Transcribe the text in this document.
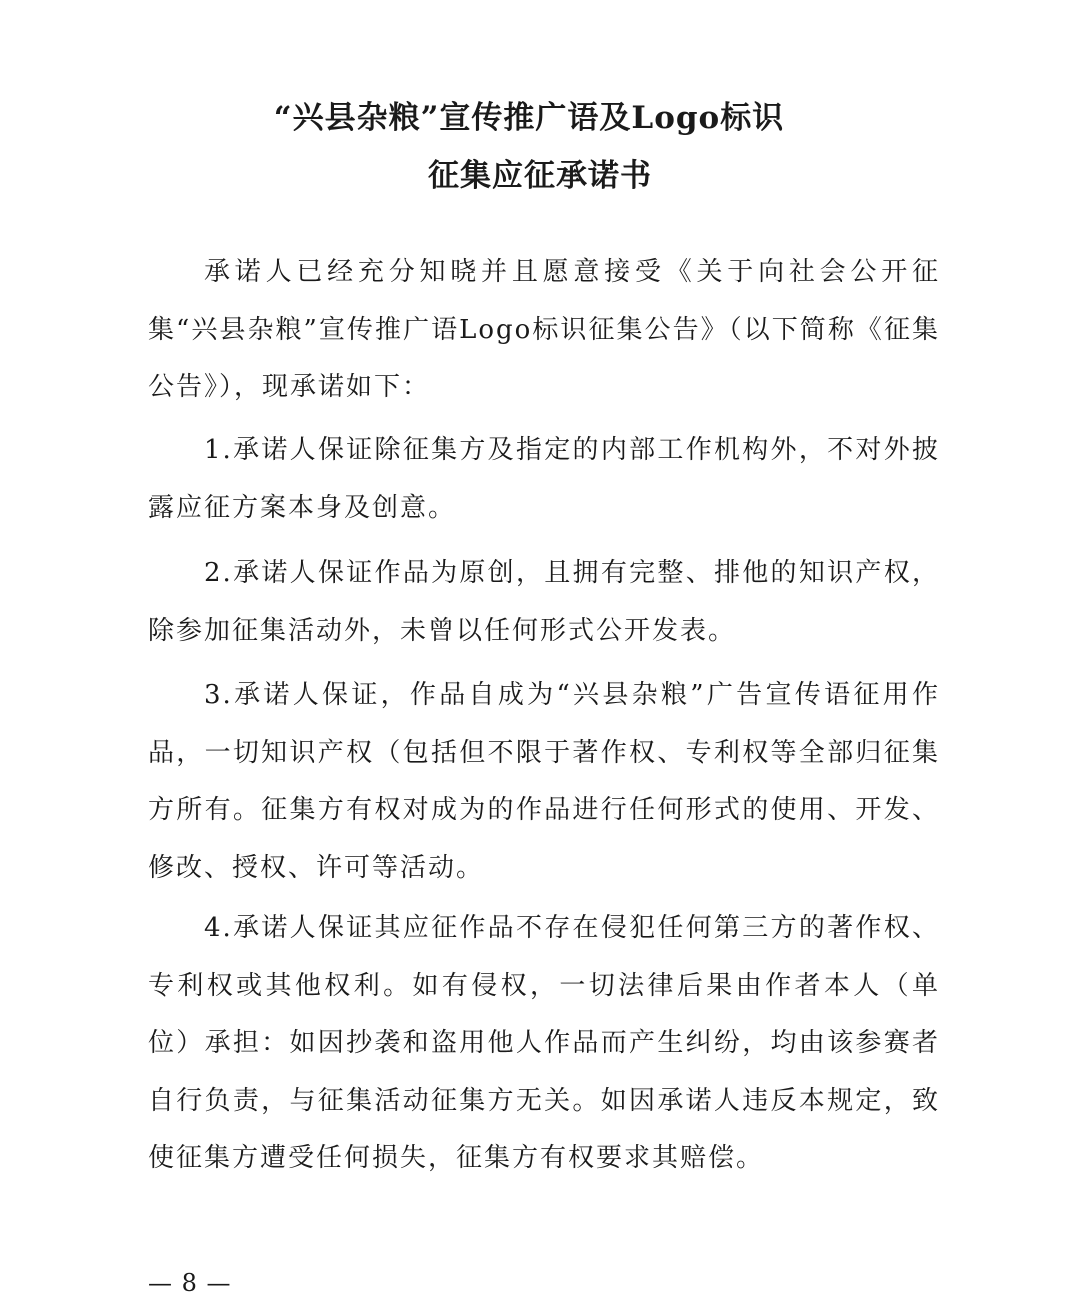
“兴县杂粮”宣传推广语及Logo标识
征集应征承诺书

承诺人已经充分知晓并且愿意接受《关于向社会公开征集“兴县杂粮”宣传推广语Logo标识征集公告》（以下简称《征集公告》），现承诺如下：

1.承诺人保证除征集方及指定的内部工作机构外，不对外披露应征方案本身及创意。

2.承诺人保证作品为原创，且拥有完整、排他的知识产权，除参加征集活动外，未曾以任何形式公开发表。

3.承诺人保证，作品自成为“兴县杂粮”广告宣传语征用作品，一切知识产权（包括但不限于著作权、专利权等全部归征集方所有。征集方有权对成为的作品进行任何形式的使用、开发、修改、授权、许可等活动。

4.承诺人保证其应征作品不存在侵犯任何第三方的著作权、专利权或其他权利。如有侵权，一切法律后果由作者本人（单位）承担：如因抄袭和盗用他人作品而产生纠纷，均由该参赛者自行负责，与征集活动征集方无关。如因承诺人违反本规定，致使征集方遭受任何损失，征集方有权要求其赔偿。

— 8 —
